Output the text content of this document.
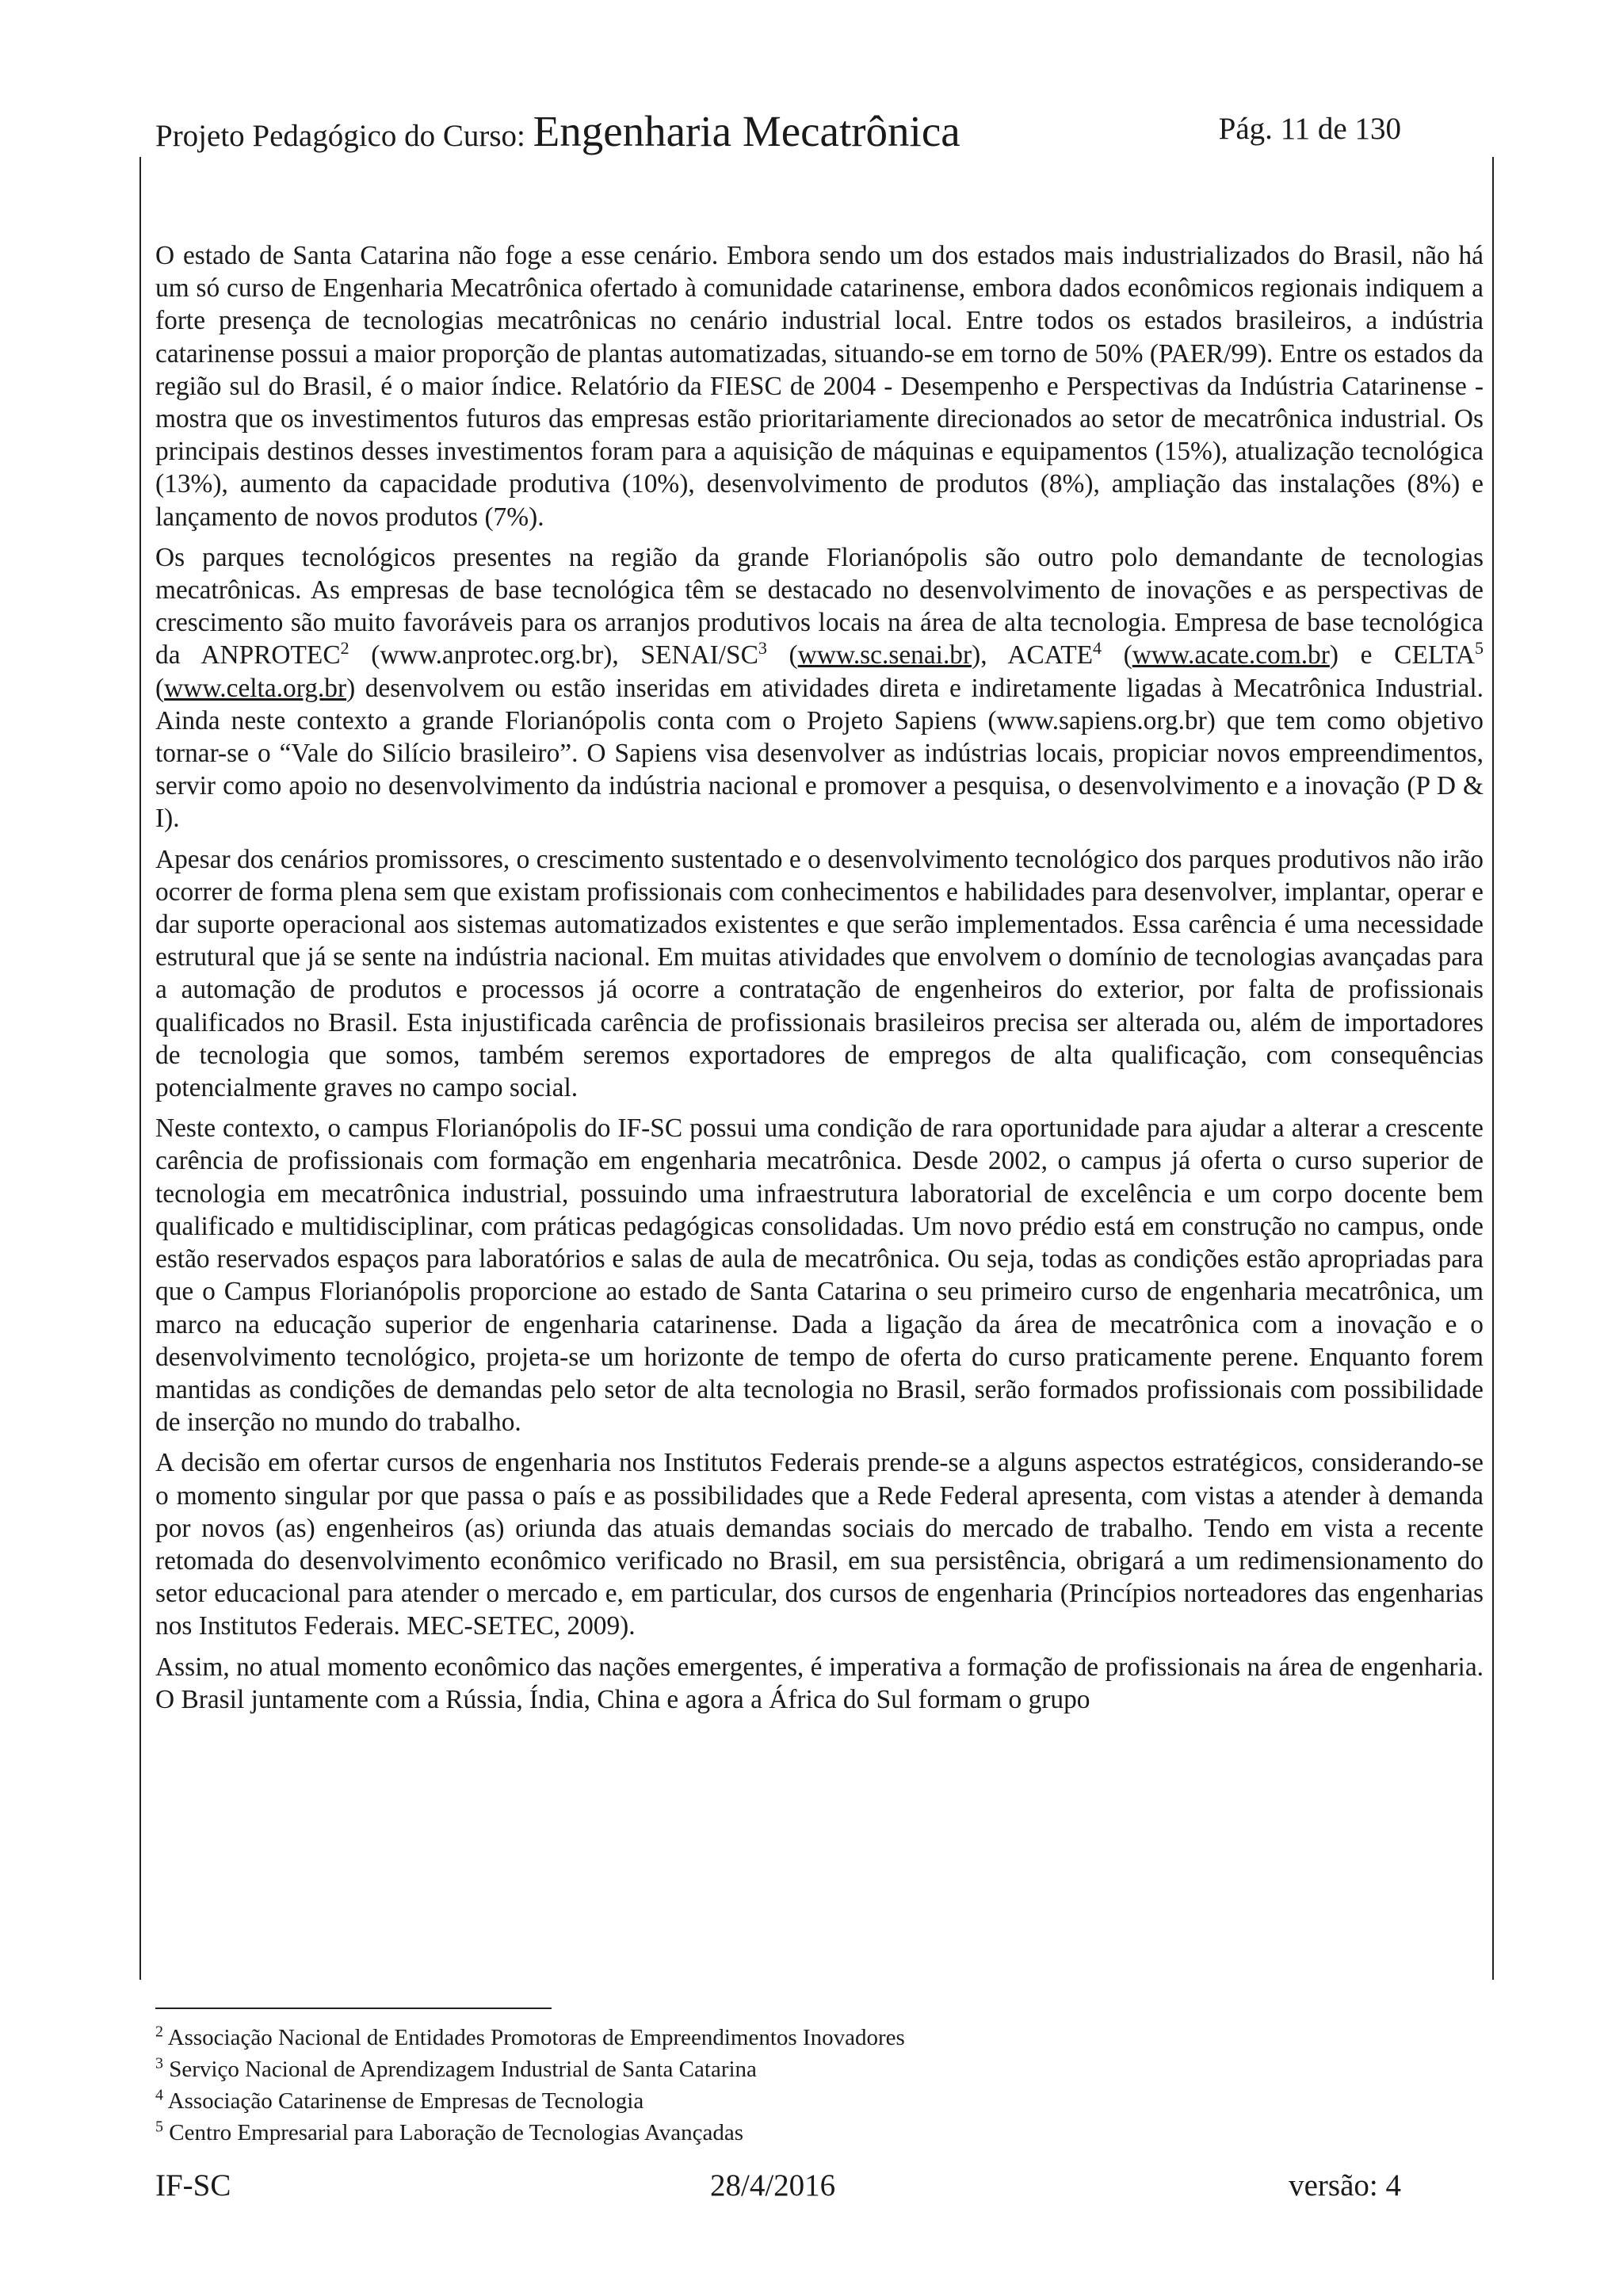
Projeto Pedagógico do Curso: Engenharia Mecatrônica	Pág. 11 de 130

O estado de Santa Catarina não foge a esse cenário. Embora sendo um dos estados mais industrializados do Brasil, não há um só curso de Engenharia Mecatrônica ofertado à comunidade catarinense, embora dados econômicos regionais indiquem a forte presença de tecnologias mecatrônicas no cenário industrial local. Entre todos os estados brasileiros, a indústria catarinense possui a maior proporção de plantas automatizadas, situando-se em torno de 50% (PAER/99). Entre os estados da região sul do Brasil, é o maior índice. Relatório da FIESC de 2004 - Desempenho e Perspectivas da Indústria Catarinense - mostra que os investimentos futuros das empresas estão prioritariamente direcionados ao setor de mecatrônica industrial. Os principais destinos desses investimentos foram para a aquisição de máquinas e equipamentos (15%), atualização tecnológica (13%), aumento da capacidade produtiva (10%), desenvolvimento de produtos (8%), ampliação das instalações (8%) e lançamento de novos produtos (7%).

Os parques tecnológicos presentes na região da grande Florianópolis são outro polo demandante de tecnologias mecatrônicas. As empresas de base tecnológica têm se destacado no desenvolvimento de inovações e as perspectivas de crescimento são muito favoráveis para os arranjos produtivos locais na área de alta tecnologia. Empresa de base tecnológica da ANPROTEC$^2$ (www.anprotec.org.br), SENAI/$SC^3$ (www.sc.senai.br), ACATE$^4$ (www.acate.com.br) e CELTA$^5$ (www.celta.org.br) desenvolvem ou estão inseridas em atividades direta e indiretamente ligadas à Mecatrônica Industrial. Ainda neste contexto a grande Florianópolis conta com o Projeto Sapiens (www.sapiens.org.br) que tem como objetivo tornar-se o “Vale do Silício brasileiro”. O Sapiens visa desenvolver as indústrias locais, propiciar novos empreendimentos, servir como apoio no desenvolvimento da indústria nacional e promover a pesquisa, o desenvolvimento e a inovação (P D & I).

Apesar dos cenários promissores, o crescimento sustentado e o desenvolvimento tecnológico dos parques produtivos não irão ocorrer de forma plena sem que existam profissionais com conhecimentos e habilidades para desenvolver, implantar, operar e dar suporte operacional aos sistemas automatizados existentes e que serão implementados. Essa carência é uma necessidade estrutural que já se sente na indústria nacional. Em muitas atividades que envolvem o domínio de tecnologias avançadas para a automação de produtos e processos já ocorre a contratação de engenheiros do exterior, por falta de profissionais qualificados no Brasil. Esta injustificada carência de profissionais brasileiros precisa ser alterada ou, além de importadores de tecnologia que somos, também seremos exportadores de empregos de alta qualificação, com consequências potencialmente graves no campo social.

Neste contexto, o campus Florianópolis do IF-SC possui uma condição de rara oportunidade para ajudar a alterar a crescente carência de profissionais com formação em engenharia mecatrônica. Desde 2002, o campus já oferta o curso superior de tecnologia em mecatrônica industrial, possuindo uma infraestrutura laboratorial de excelência e um corpo docente bem qualificado e multidisciplinar, com práticas pedagógicas consolidadas. Um novo prédio está em construção no campus, onde estão reservados espaços para laboratórios e salas de aula de mecatrônica. Ou seja, todas as condições estão apropriadas para que o Campus Florianópolis proporcione ao estado de Santa Catarina o seu primeiro curso de engenharia mecatrônica, um marco na educação superior de engenharia catarinense. Dada a ligação da área de mecatrônica com a inovação e o desenvolvimento tecnológico, projeta-se um horizonte de tempo de oferta do curso praticamente perene. Enquanto forem mantidas as condições de demandas pelo setor de alta tecnologia no Brasil, serão formados profissionais com possibilidade de inserção no mundo do trabalho.

A decisão em ofertar cursos de engenharia nos Institutos Federais prende-se a alguns aspectos estratégicos, considerando-se o momento singular por que passa o país e as possibilidades que a Rede Federal apresenta, com vistas a atender à demanda por novos (as) engenheiros (as) oriunda das atuais demandas sociais do mercado de trabalho. Tendo em vista a recente retomada do desenvolvimento econômico verificado no Brasil, em sua persistência, obrigará a um redimensionamento do setor educacional para atender o mercado e, em particular, dos cursos de engenharia (Princípios norteadores das engenharias nos Institutos Federais. MEC-SETEC, 2009).

Assim, no atual momento econômico das nações emergentes, é imperativa a formação de profissionais na área de engenharia. O Brasil juntamente com a Rússia, Índia, China e agora a África do Sul formam o grupo

$^2$ Associação Nacional de Entidades Promotoras de Empreendimentos Inovadores
$^3$ Serviço Nacional de Aprendizagem Industrial de Santa Catarina
$^4$ Associação Catarinense de Empresas de Tecnologia
$^5$ Centro Empresarial para Laboração de Tecnologias Avançadas
IF-SC	28/4/2016	versão: 4
